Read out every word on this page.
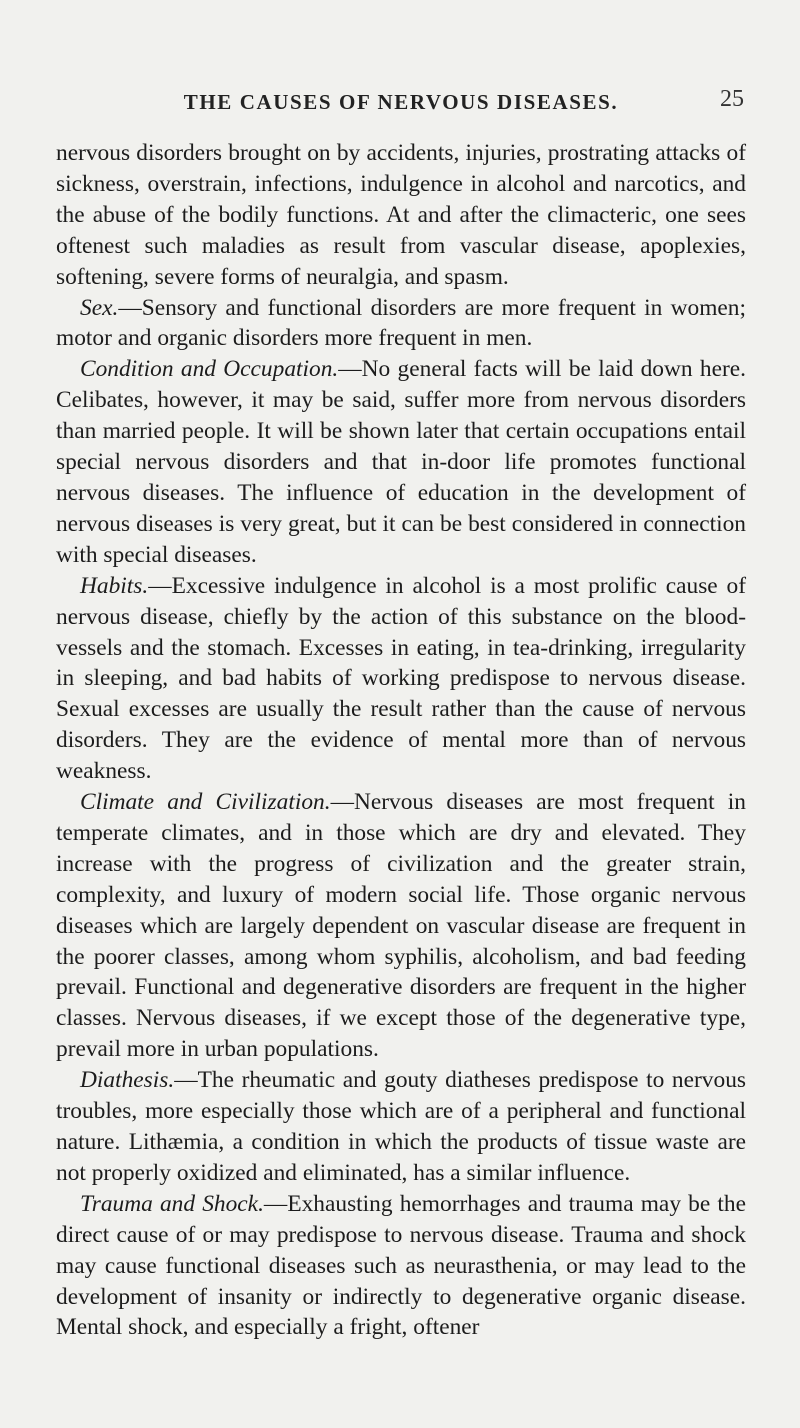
THE CAUSES OF NERVOUS DISEASES.	25

nervous disorders brought on by accidents, injuries, prostrating attacks of sickness, overstrain, infections, indulgence in alcohol and narcotics, and the abuse of the bodily functions. At and after the climacteric, one sees oftenest such maladies as result from vascular disease, apoplexies, softening, severe forms of neuralgia, and spasm.

Sex.—Sensory and functional disorders are more frequent in women; motor and organic disorders more frequent in men.

Condition and Occupation.—No general facts will be laid down here. Celibates, however, it may be said, suffer more from nervous disorders than married people. It will be shown later that certain occupations entail special nervous disorders and that in-door life promotes functional nervous diseases. The influence of education in the development of nervous diseases is very great, but it can be best considered in connection with special diseases.

Habits.—Excessive indulgence in alcohol is a most prolific cause of nervous disease, chiefly by the action of this substance on the blood-vessels and the stomach. Excesses in eating, in tea-drinking, irregularity in sleeping, and bad habits of working predispose to nervous disease. Sexual excesses are usually the result rather than the cause of nervous disorders. They are the evidence of mental more than of nervous weakness.

Climate and Civilization.—Nervous diseases are most frequent in temperate climates, and in those which are dry and elevated. They increase with the progress of civilization and the greater strain, complexity, and luxury of modern social life. Those organic nervous diseases which are largely dependent on vascular disease are frequent in the poorer classes, among whom syphilis, alcoholism, and bad feeding prevail. Functional and degenerative disorders are frequent in the higher classes. Nervous diseases, if we except those of the degenerative type, prevail more in urban populations.

Diathesis.—The rheumatic and gouty diatheses predispose to nervous troubles, more especially those which are of a peripheral and functional nature. Lithæmia, a condition in which the products of tissue waste are not properly oxidized and eliminated, has a similar influence.

Trauma and Shock.—Exhausting hemorrhages and trauma may be the direct cause of or may predispose to nervous disease. Trauma and shock may cause functional diseases such as neurasthenia, or may lead to the development of insanity or indirectly to degenerative organic disease. Mental shock, and especially a fright, oftener
